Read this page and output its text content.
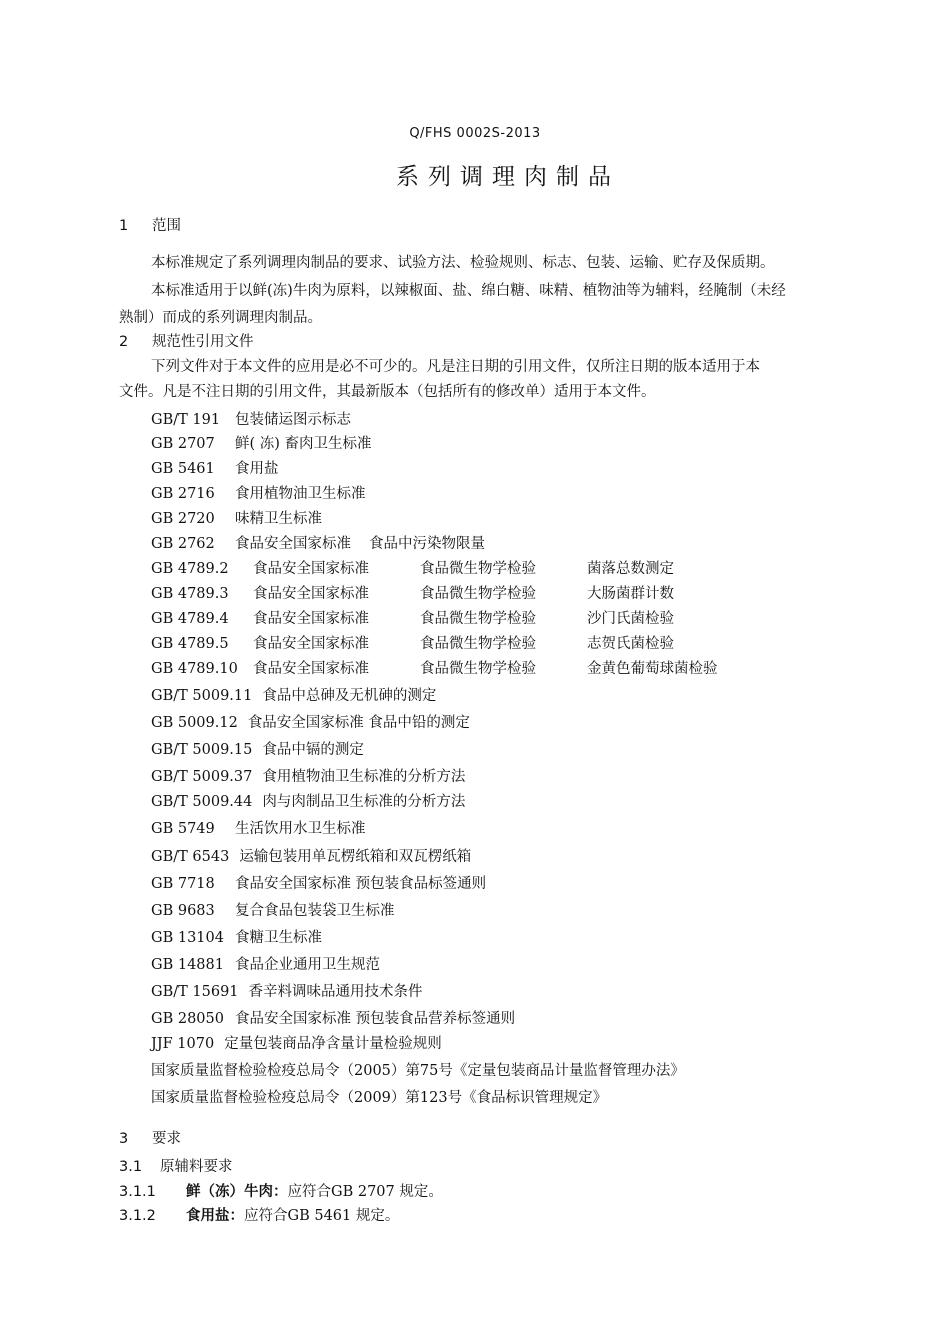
Q/FHS 0002S-2013
系列调理肉制品
1 范围
本标准规定了系列调理肉制品的要求、试验方法、检验规则、标志、包装、运输、贮存及保质期。
本标准适用于以鲜(冻)牛肉为原料，以辣椒面、盐、绵白糖、味精、植物油等为辅料，经腌制（未经
熟制）而成的系列调理肉制品。
2 规范性引用文件
下列文件对于本文件的应用是必不可少的。凡是注日期的引用文件，仅所注日期的版本适用于本
文件。凡是不注日期的引用文件，其最新版本（包括所有的修改单）适用于本文件。
GB/T 191 包装储运图示标志
GB 2707 鲜( 冻) 畜肉卫生标准
GB 5461 食用盐
GB 2716 食用植物油卫生标准
GB 2720 味精卫生标准
GB 2762 食品安全国家标准 食品中污染物限量
GB 4789.2 食品安全国家标准	食品微生物学检验	菌落总数测定
GB 4789.3 食品安全国家标准	食品微生物学检验	大肠菌群计数
GB 4789.4 食品安全国家标准	食品微生物学检验	沙门氏菌检验
GB 4789.5 食品安全国家标准	食品微生物学检验	志贺氏菌检验
GB 4789.10 食品安全国家标准	食品微生物学检验	金黄色葡萄球菌检验
GB/T 5009.11 食品中总砷及无机砷的测定
GB 5009.12 食品安全国家标准 食品中铅的测定
GB/T 5009.15 食品中镉的测定
GB/T 5009.37 食用植物油卫生标准的分析方法
GB/T 5009.44 肉与肉制品卫生标准的分析方法
GB 5749 生活饮用水卫生标准
GB/T 6543 运输包装用单瓦楞纸箱和双瓦楞纸箱
GB 7718 食品安全国家标准 预包装食品标签通则
GB 9683 复合食品包装袋卫生标准
GB 13104 食糖卫生标准
GB 14881 食品企业通用卫生规范
GB/T 15691 香辛料调味品通用技术条件
GB 28050 食品安全国家标准 预包装食品营养标签通则
JJF 1070 定量包装商品净含量计量检验规则
国家质量监督检验检疫总局令（2005）第75号《定量包装商品计量监督管理办法》
国家质量监督检验检疫总局令（2009）第123号《食品标识管理规定》
3 要求
3.1 原辅料要求
3.1.1 鲜（冻）牛肉：应符合GB 2707 规定。
3.1.2 食用盐：应符合GB 5461 规定。
